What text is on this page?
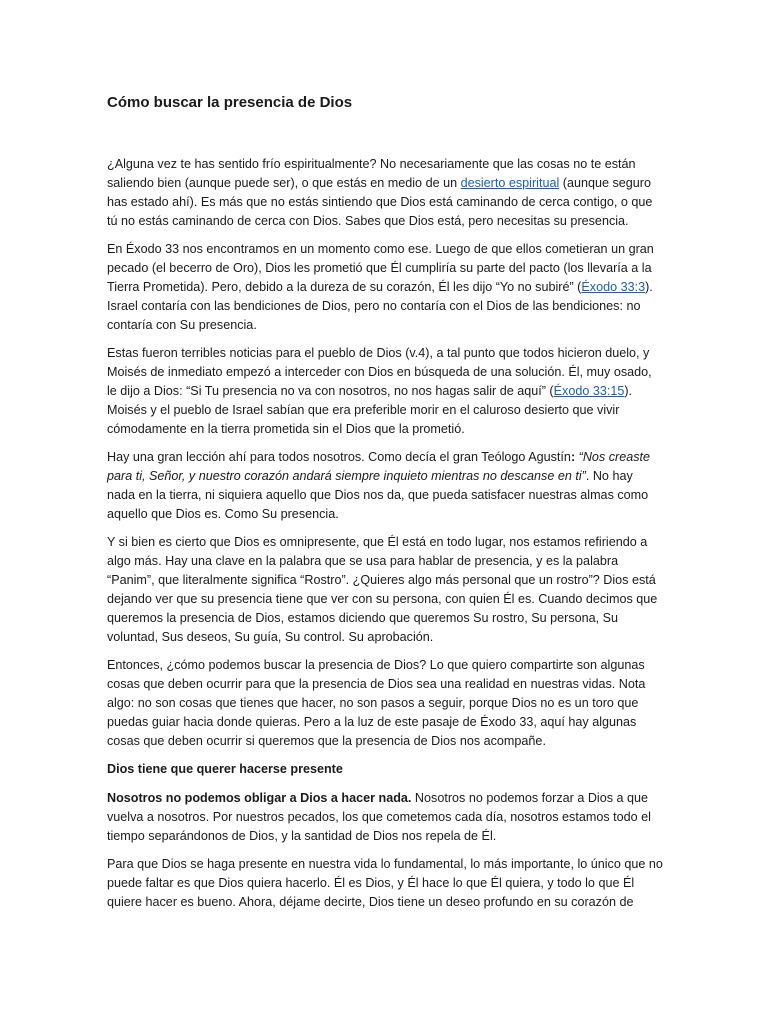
Cómo buscar la presencia de Dios

¿Alguna vez te has sentido frío espiritualmente? No necesariamente que las cosas no te están saliendo bien (aunque puede ser), o que estás en medio de un desierto espiritual (aunque seguro has estado ahí). Es más que no estás sintiendo que Dios está caminando de cerca contigo, o que tú no estás caminando de cerca con Dios. Sabes que Dios está, pero necesitas su presencia.

En Éxodo 33 nos encontramos en un momento como ese. Luego de que ellos cometieran un gran pecado (el becerro de Oro), Dios les prometió que Él cumpliría su parte del pacto (los llevaría a la Tierra Prometida). Pero, debido a la dureza de su corazón, Él les dijo “Yo no subiré” (Éxodo 33:3). Israel contaría con las bendiciones de Dios, pero no contaría con el Dios de las bendiciones: no contaría con Su presencia.

Estas fueron terribles noticias para el pueblo de Dios (v.4), a tal punto que todos hicieron duelo, y Moisés de inmediato empezó a interceder con Dios en búsqueda de una solución. Él, muy osado, le dijo a Dios: “Si Tu presencia no va con nosotros, no nos hagas salir de aquí” (Éxodo 33:15). Moisés y el pueblo de Israel sabían que era preferible morir en el caluroso desierto que vivir cómodamente en la tierra prometida sin el Dios que la prometió.

Hay una gran lección ahí para todos nosotros. Como decía el gran Teólogo Agustín: “Nos creaste para ti, Señor, y nuestro corazón andará siempre inquieto mientras no descanse en ti”. No hay nada en la tierra, ni siquiera aquello que Dios nos da, que pueda satisfacer nuestras almas como aquello que Dios es. Como Su presencia.

Y si bien es cierto que Dios es omnipresente, que Él está en todo lugar, nos estamos refiriendo a algo más. Hay una clave en la palabra que se usa para hablar de presencia, y es la palabra “Panim”, que literalmente significa “Rostro”. ¿Quieres algo más personal que un rostro”? Dios está dejando ver que su presencia tiene que ver con su persona, con quien Él es. Cuando decimos que queremos la presencia de Dios, estamos diciendo que queremos Su rostro, Su persona, Su voluntad, Sus deseos, Su guía, Su control. Su aprobación.

Entonces, ¿cómo podemos buscar la presencia de Dios? Lo que quiero compartirte son algunas cosas que deben ocurrir para que la presencia de Dios sea una realidad en nuestras vidas. Nota algo: no son cosas que tienes que hacer, no son pasos a seguir, porque Dios no es un toro que puedas guiar hacia donde quieras. Pero a la luz de este pasaje de Éxodo 33, aquí hay algunas cosas que deben ocurrir si queremos que la presencia de Dios nos acompañe.

Dios tiene que querer hacerse presente

Nosotros no podemos obligar a Dios a hacer nada. Nosotros no podemos forzar a Dios a que vuelva a nosotros. Por nuestros pecados, los que cometemos cada día, nosotros estamos todo el tiempo separándonos de Dios, y la santidad de Dios nos repela de Él.

Para que Dios se haga presente en nuestra vida lo fundamental, lo más importante, lo único que no puede faltar es que Dios quiera hacerlo. Él es Dios, y Él hace lo que Él quiera, y todo lo que Él quiere hacer es bueno. Ahora, déjame decirte, Dios tiene un deseo profundo en su corazón de
